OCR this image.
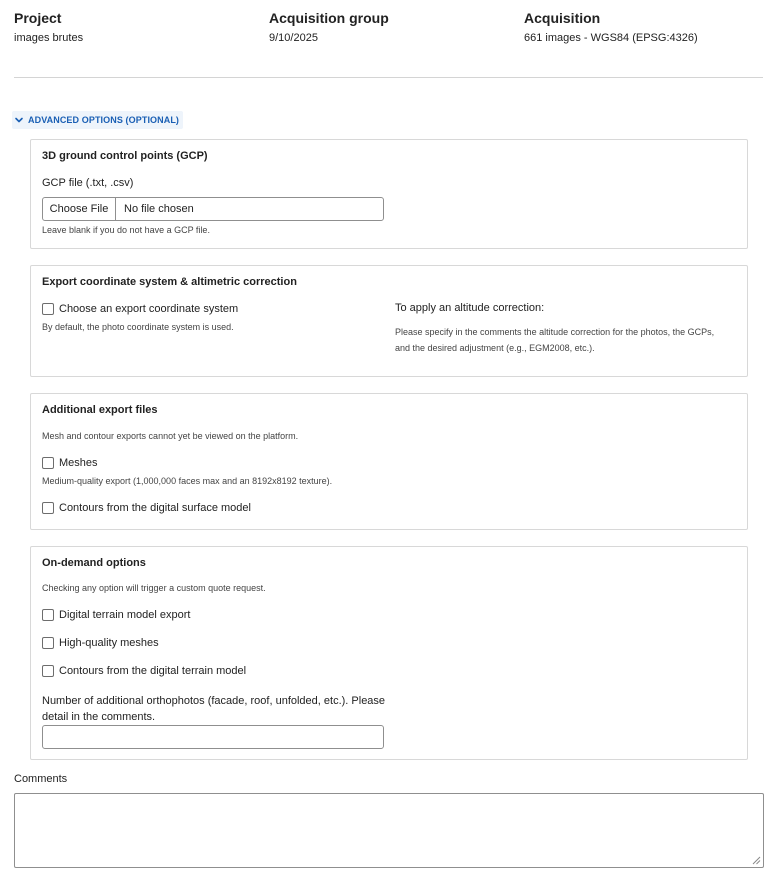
Project
images brutes
Acquisition group
9/10/2025
Acquisition
661 images - WGS84 (EPSG:4326)
ADVANCED OPTIONS (OPTIONAL)
3D ground control points (GCP)
GCP file (.txt, .csv)
Choose File	No file chosen
Leave blank if you do not have a GCP file.
Export coordinate system & altimetric correction
Choose an export coordinate system
By default, the photo coordinate system is used.
To apply an altitude correction:
Please specify in the comments the altitude correction for the photos, the GCPs,
and the desired adjustment (e.g., EGM2008, etc.).
Additional export files
Mesh and contour exports cannot yet be viewed on the platform.
Meshes
Medium-quality export (1,000,000 faces max and an 8192x8192 texture).
Contours from the digital surface model
On-demand options
Checking any option will trigger a custom quote request.
Digital terrain model export
High-quality meshes
Contours from the digital terrain model
Number of additional orthophotos (facade, roof, unfolded, etc.). Please
detail in the comments.
Comments
